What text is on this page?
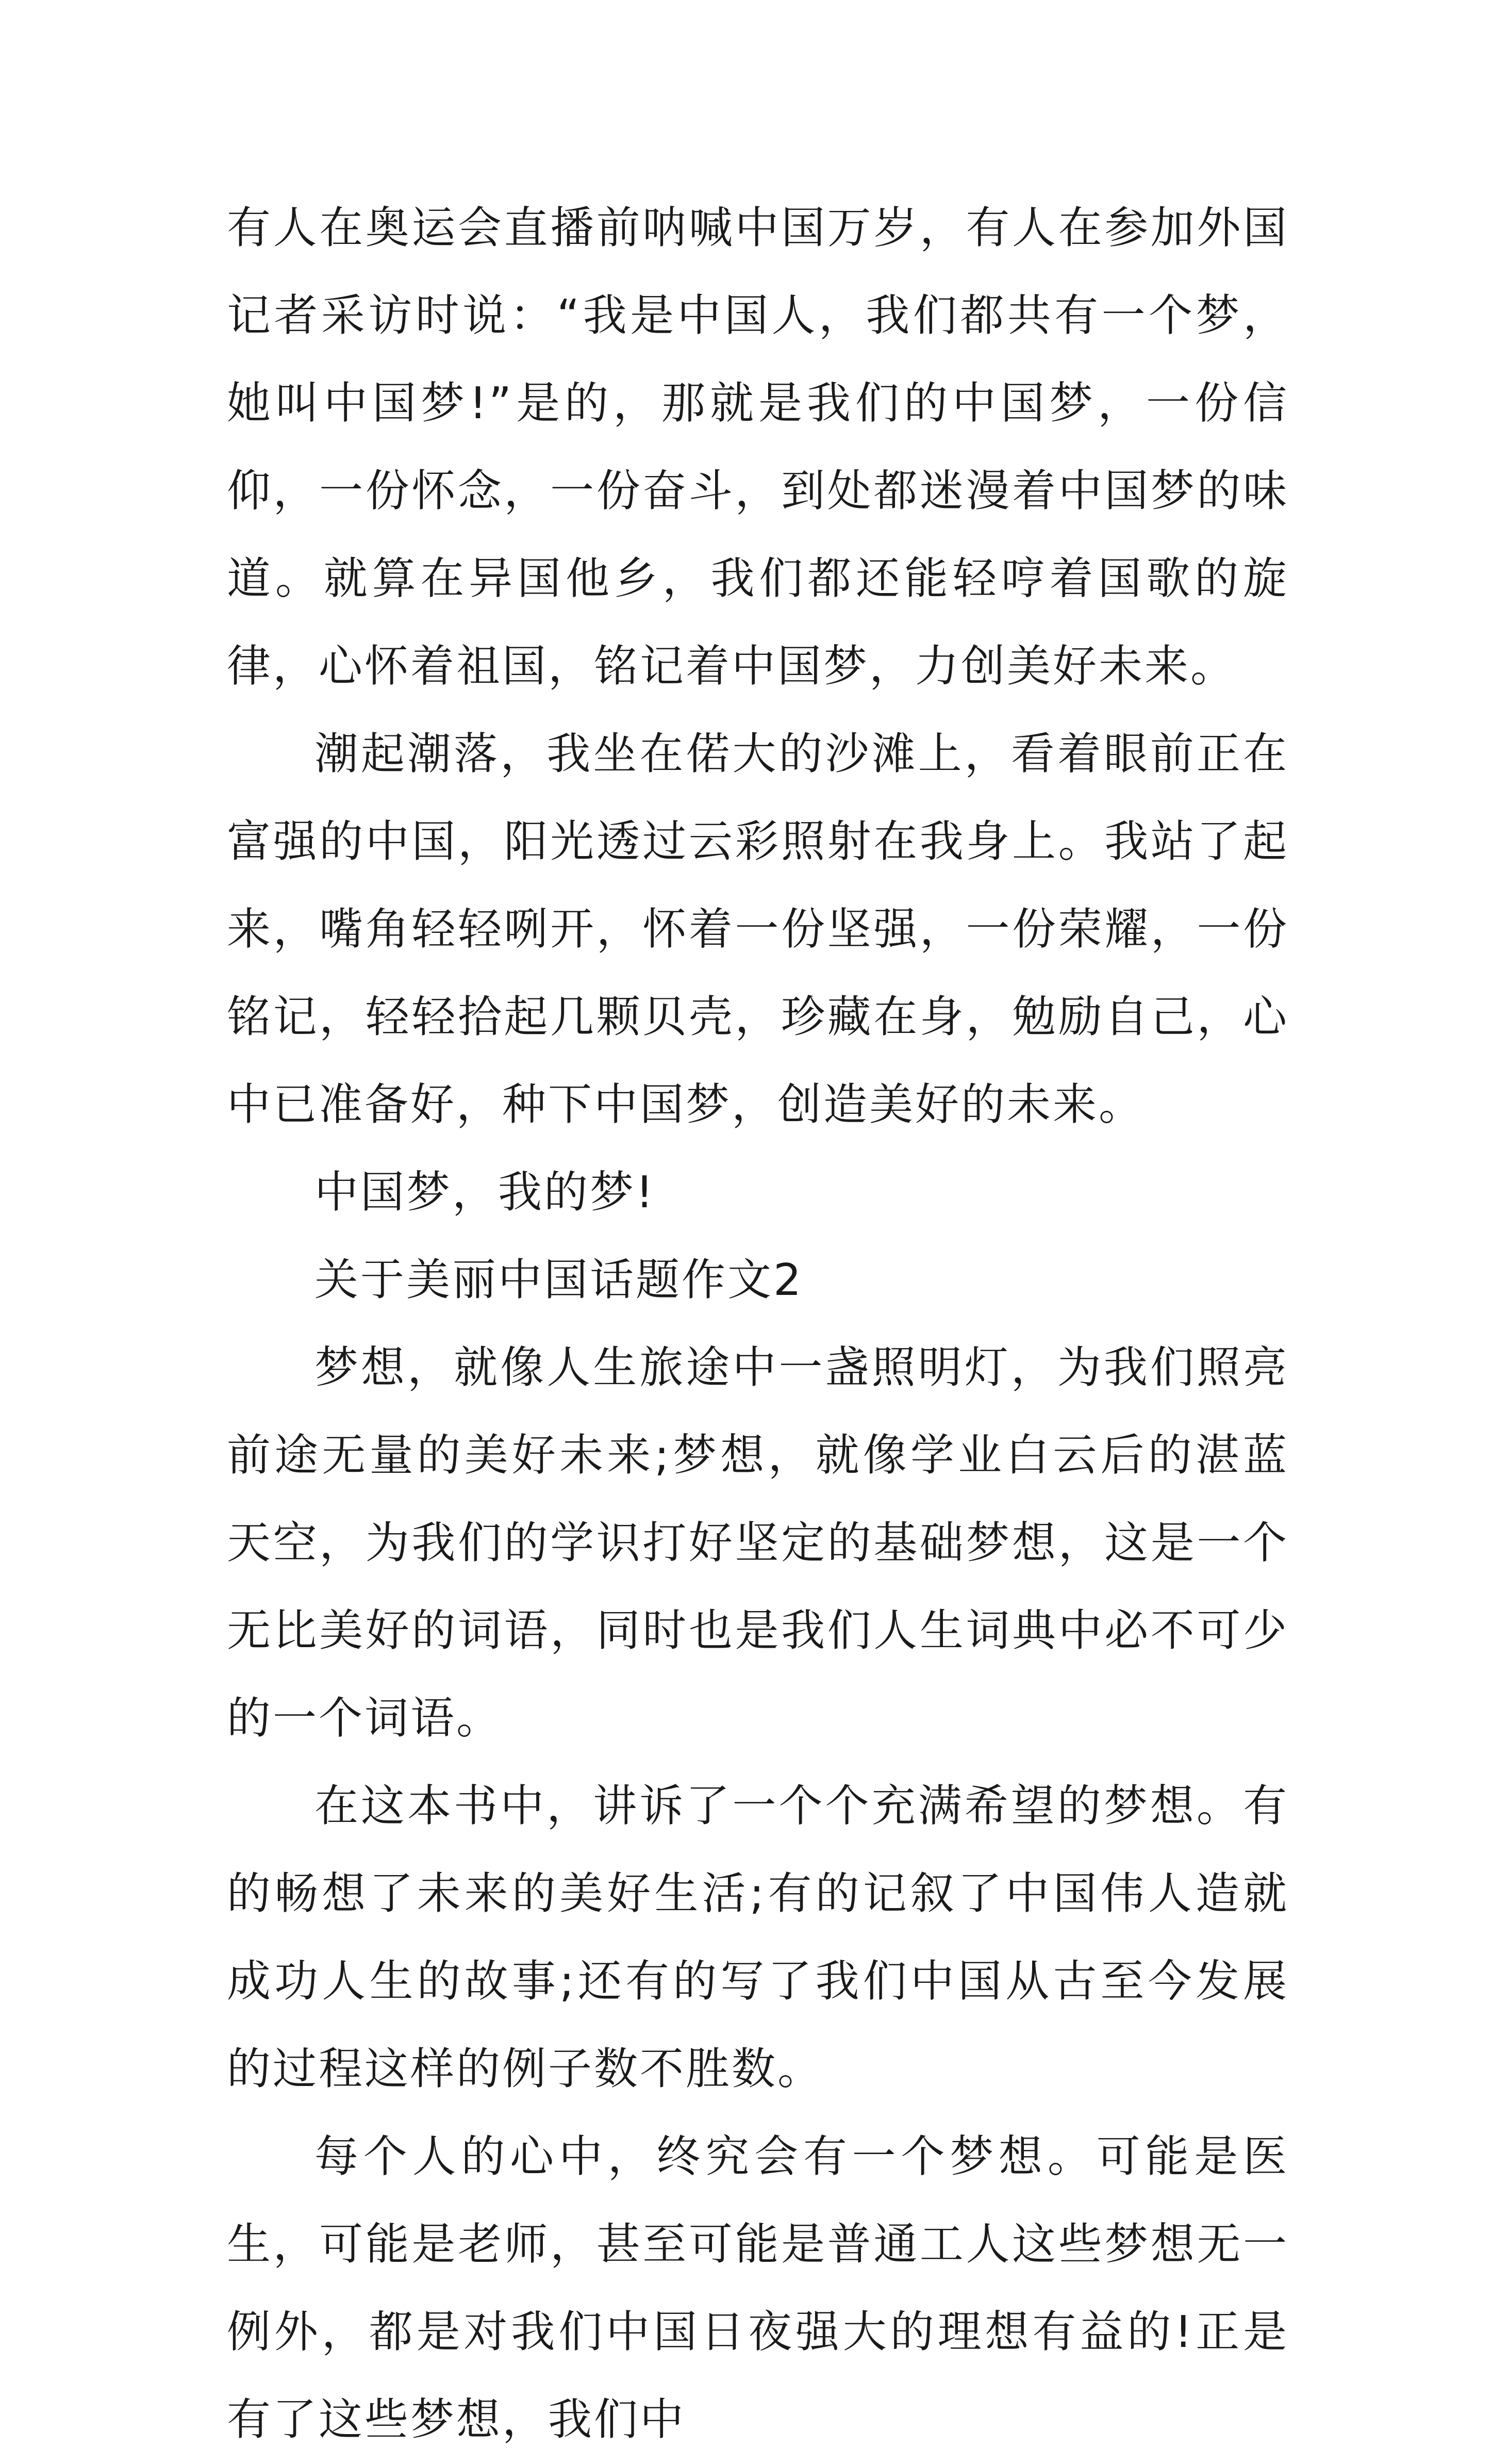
有人在奥运会直播前呐喊中国万岁，有人在参加外国记者采访时说：“我是中国人，我们都共有一个梦，她叫中国梦!”是的，那就是我们的中国梦，一份信仰，一份怀念，一份奋斗，到处都迷漫着中国梦的味道。就算在异国他乡，我们都还能轻哼着国歌的旋律，心怀着祖国，铭记着中国梦，力创美好未来。

潮起潮落，我坐在偌大的沙滩上，看着眼前正在富强的中国，阳光透过云彩照射在我身上。我站了起来，嘴角轻轻咧开，怀着一份坚强，一份荣耀，一份铭记，轻轻拾起几颗贝壳，珍藏在身，勉励自己，心中已准备好，种下中国梦，创造美好的未来。

中国梦，我的梦!

关于美丽中国话题作文2

梦想，就像人生旅途中一盏照明灯，为我们照亮前途无量的美好未来;梦想，就像学业白云后的湛蓝天空，为我们的学识打好坚定的基础梦想，这是一个无比美好的词语，同时也是我们人生词典中必不可少的一个词语。

在这本书中，讲诉了一个个充满希望的梦想。有的畅想了未来的美好生活;有的记叙了中国伟人造就成功人生的故事;还有的写了我们中国从古至今发展的过程这样的例子数不胜数。

每个人的心中，终究会有一个梦想。可能是医生，可能是老师，甚至可能是普通工人这些梦想无一例外，都是对我们中国日夜强大的理想有益的!正是有了这些梦想，我们中
